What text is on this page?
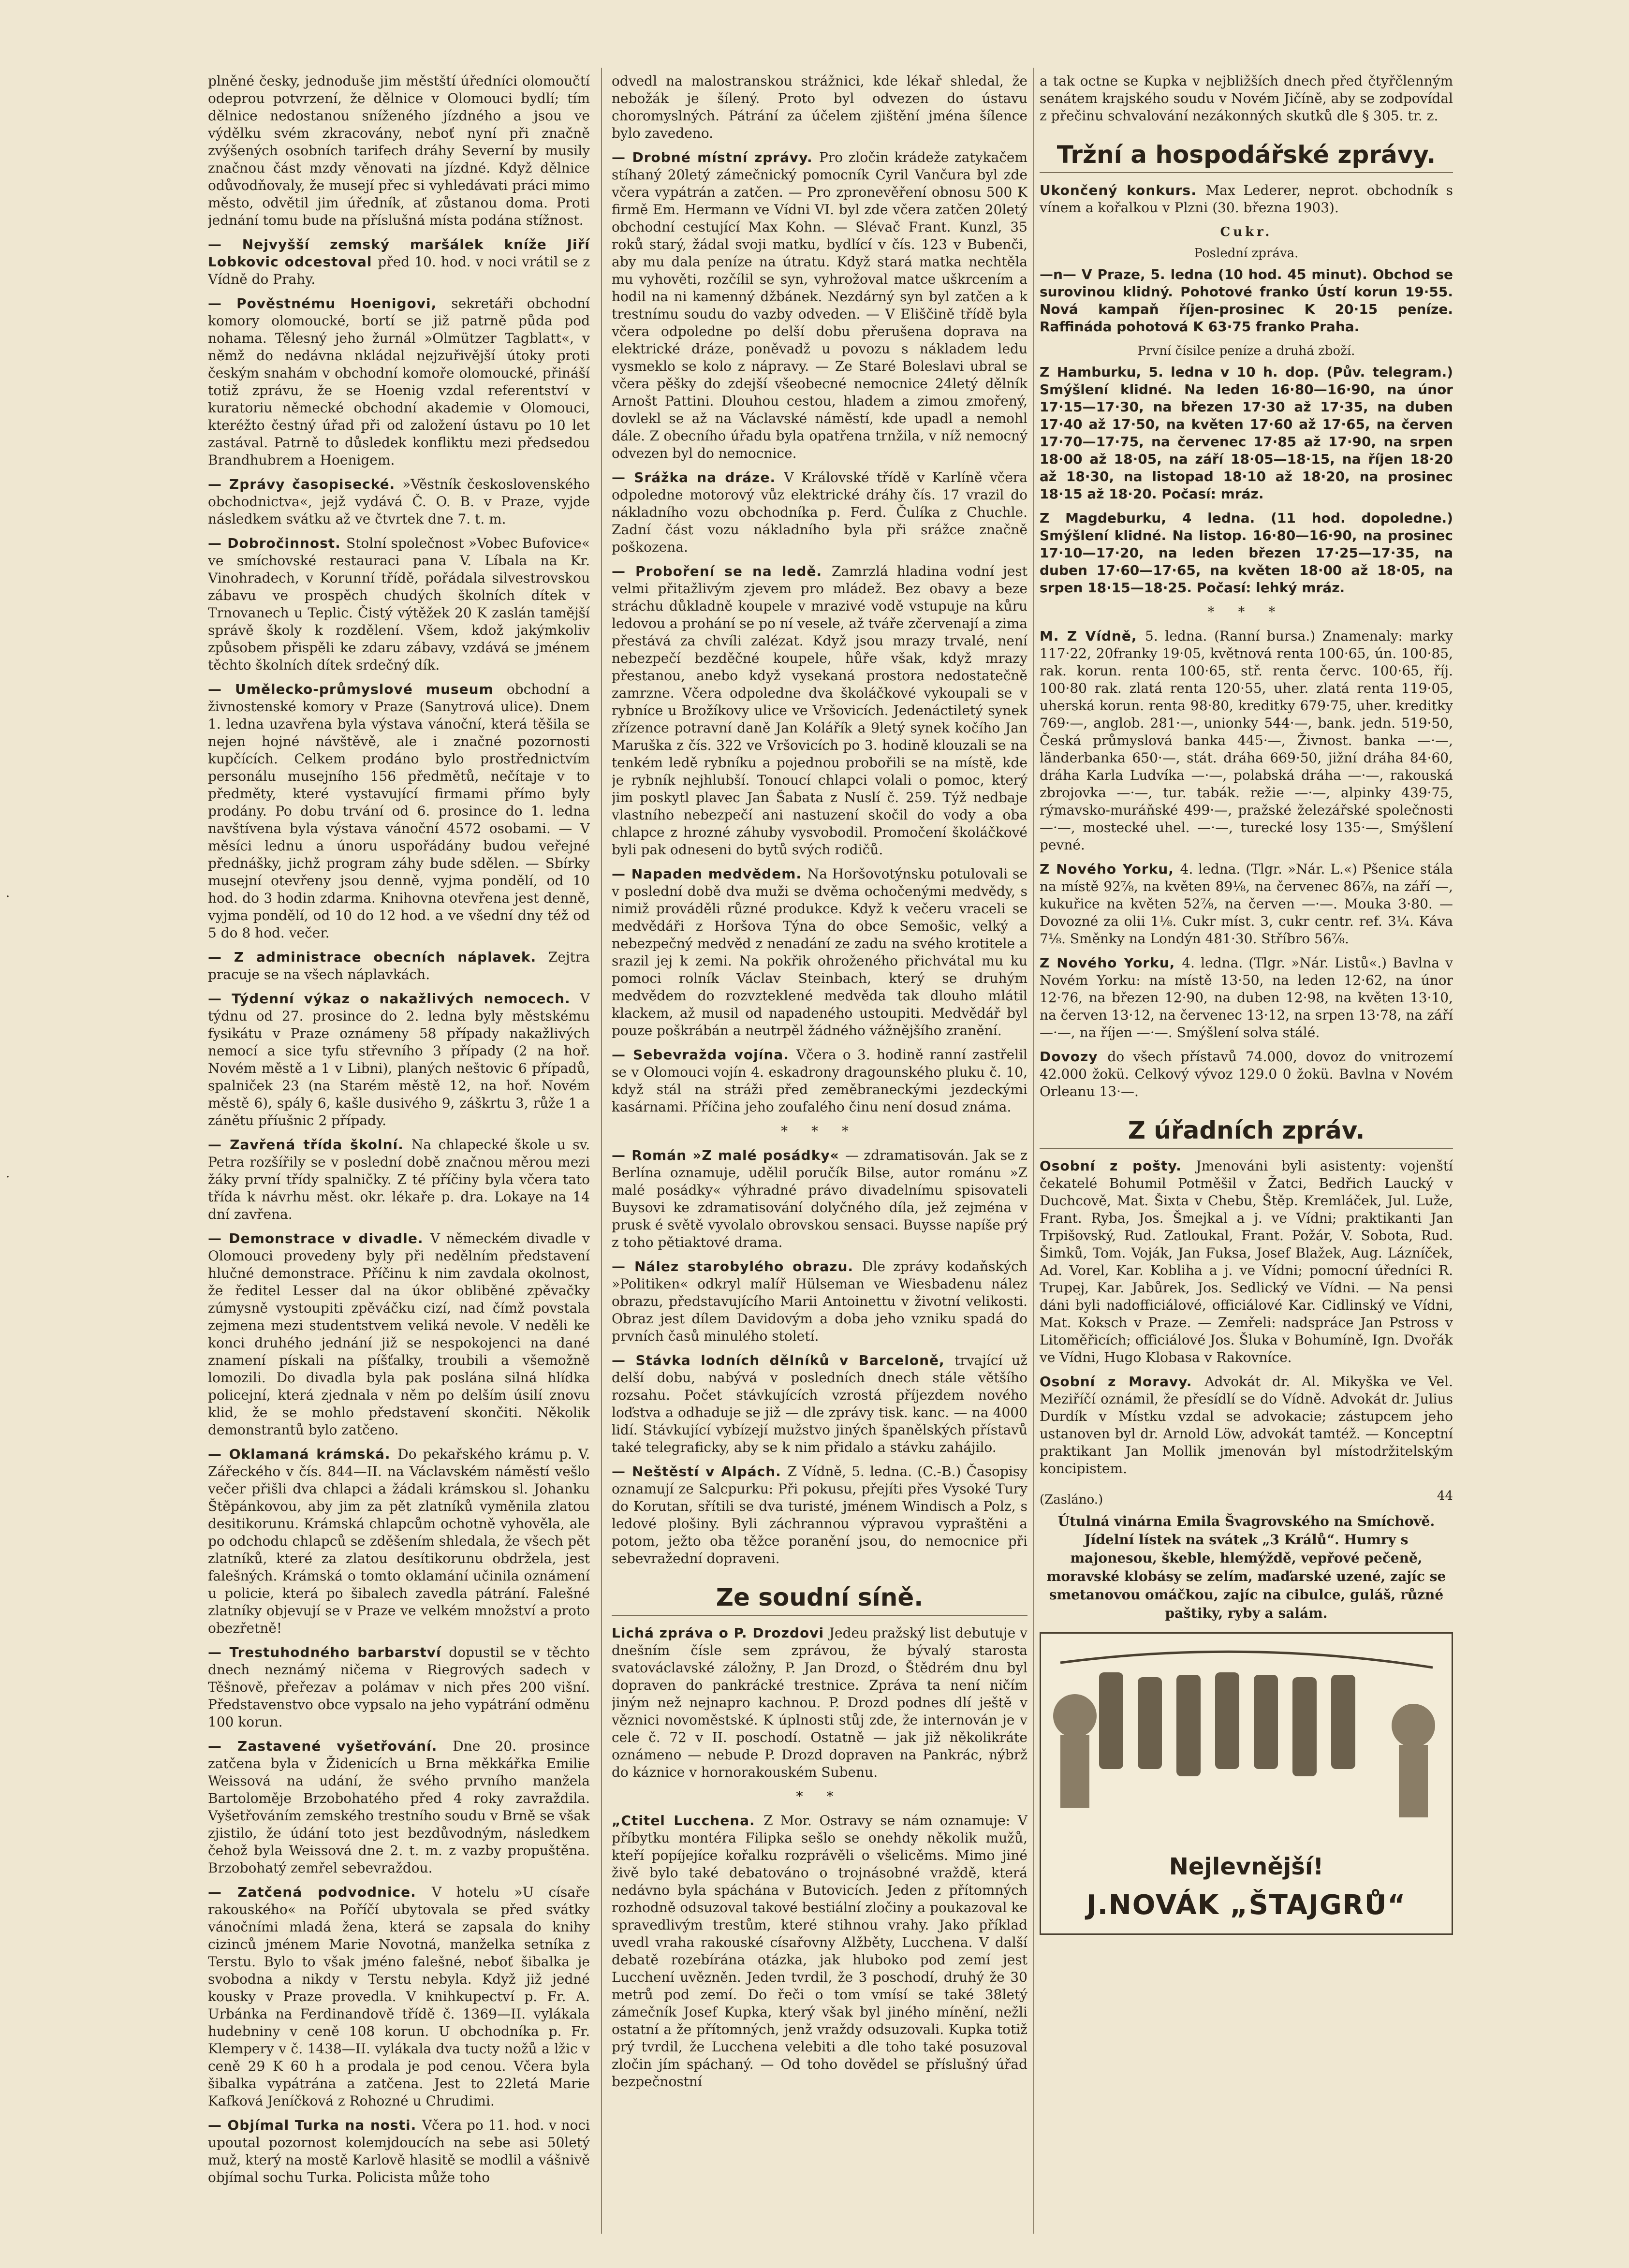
·
·
plněné česky, jednoduše jim městští úředníci olomoučtí odeprou potvrzení, že dělnice v Olomouci bydlí; tím dělnice nedostanou sníženého jízdného a jsou ve výdělku svém zkracovány, neboť nyní při značně zvýšených osobních tarifech dráhy Severní by musily značnou část mzdy věnovati na jízdné. Když dělnice odůvodňovaly, že musejí přec si vyhledávati práci mimo město, odvětil jim úředník, ať zůstanou doma. Proti jednání tomu bude na příslušná místa podána stížnost.
— Nejvyšší zemský maršálek kníže Jiří Lobkovic odcestoval před 10. hod. v noci vrátil se z Vídně do Prahy.
— Pověstnému Hoenigovi, sekretáři obchodní komory olomoucké, bortí se již patrně půda pod nohama. Tělesný jeho žurnál »Olmützer Tagblatt«, v němž do nedávna nkládal nejzuřivější útoky proti českým snahám v obchodní komoře olomoucké, přináší totiž zprávu, že se Hoenig vzdal referentství v kuratoriu německé obchodní akademie v Olomouci, kteréžto čestný úřad při od založení ústavu po 10 let zastával. Patrně to důsledek konfliktu mezi předsedou Brandhubrem a Hoenigem.
— Zprávy časopisecké. »Věstník československého obchodnictva«, jejž vydává Č. O. B. v Praze, vyjde následkem svátku až ve čtvrtek dne 7. t. m.
— Dobročinnost. Stolní společnost »Vobec Bufovice« ve smíchovské restauraci pana V. Líbala na Kr. Vinohradech, v Korunní třídě, pořádala silvestrovskou zábavu ve prospěch chudých školních dítek v Trnovanech u Teplic. Čistý výtěžek 20 K zaslán tamější správě školy k rozdělení. Všem, kdož jakýmkoliv způsobem přispěli ke zdaru zábavy, vzdává se jménem těchto školních dítek srdečný dík.
— Umělecko-průmyslové museum obchodní a živnostenské komory v Praze (Sanytrová ulice). Dnem 1. ledna uzavřena byla výstava vánoční, která těšila se nejen hojné návštěvě, ale i značné pozornosti kupčících. Celkem prodáno bylo prostřednictvím personálu musejního 156 předmětů, nečítaje v to předměty, které vystavující firmami přímo byly prodány. Po dobu trvání od 6. prosince do 1. ledna navštívena byla výstava vánoční 4572 osobami. — V měsíci lednu a únoru uspořádány budou veřejné přednášky, jichž program záhy bude sdělen. — Sbírky musejní otevřeny jsou denně, vyjma pondělí, od 10 hod. do 3 hodin zdarma. Knihovna otevřena jest denně, vyjma pondělí, od 10 do 12 hod. a ve všední dny též od 5 do 8 hod. večer.
— Z administrace obecních náplavek. Zejtra pracuje se na všech náplavkách.
— Týdenní výkaz o nakažlivých nemocech. V týdnu od 27. prosince do 2. ledna byly městskému fysikátu v Praze oznámeny 58 případy nakažlivých nemocí a sice tyfu střevního 3 případy (2 na hoř. Novém městě a 1 v Libni), planých neštovic 6 případů, spalniček 23 (na Starém městě 12, na hoř. Novém městě 6), spály 6, kašle dusivého 9, záškrtu 3, růže 1 a zánětu příušnic 2 případy.
— Zavřená třída školní. Na chlapecké škole u sv. Petra rozšířily se v poslední době značnou měrou mezi žáky první třídy spalničky. Z té příčiny byla včera tato třída k návrhu měst. okr. lékaře p. dra. Lokaye na 14 dní zavřena.
— Demonstrace v divadle. V německém divadle v Olomouci provedeny byly při nedělním představení hlučné demonstrace. Příčinu k nim zavdala okolnost, že ředitel Lesser dal na úkor obliběné zpěvačky zúmysně vystoupiti zpěváčku cizí, nad čímž povstala zejmena mezi studentstvem veliká nevole. V neděli ke konci druhého jednání již se nespokojenci na dané znamení pískali na píšťalky, troubili a všemožně lomozili. Do divadla byla pak poslána silná hlídka policejní, která zjednala v něm po delším úsilí znovu klid, že se mohlo představení skončiti. Několik demonstrantů bylo zatčeno.
— Oklamaná krámská. Do pekařského krámu p. V. Zářeckého v čís. 844—II. na Václavském náměstí vešlo večer přišli dva chlapci a žádali krámskou sl. Johanku Štěpánkovou, aby jim za pět zlatníků vyměnila zlatou desitikorunu. Krámská chlapcům ochotně vyhověla, ale po odchodu chlapců se zděšením shledala, že všech pět zlatníků, které za zlatou desítikorunu obdržela, jest falešných. Krámská o tomto oklamání učinila oznámení u policie, která po šibalech zavedla pátrání. Falešné zlatníky objevují se v Praze ve velkém množství a proto obezřetně!
— Trestuhodného barbarství dopustil se v těchto dnech neznámý ničema v Riegrových sadech v Těšnově, přeřezav a polámav v nich přes 200 višní. Představenstvo obce vypsalo na jeho vypátrání odměnu 100 korun.
— Zastavené vyšetřování. Dne 20. prosince zatčena byla v Židenicích u Brna měkkářka Emilie Weissová na udání, že svého prvního manžela Bartoloměje Brzobohatého před 4 roky zavraždila. Vyšetřováním zemského trestního soudu v Brně se však zjistilo, že údání toto jest bezdůvodným, následkem čehož byla Weissová dne 2. t. m. z vazby propuštěna. Brzobohatý zemřel sebevraždou.
— Zatčená podvodnice. V hotelu »U císaře rakouského« na Poříčí ubytovala se před svátky vánočními mladá žena, která se zapsala do knihy cizinců jménem Marie Novotná, manželka setníka z Terstu. Bylo to však jméno falešné, neboť šibalka je svobodna a nikdy v Terstu nebyla. Když již jedné kousky v Praze provedla. V knihkupectví p. Fr. A. Urbánka na Ferdinandově třídě č. 1369—II. vylákala hudebniny v ceně 108 korun. U obchodníka p. Fr. Klempery v č. 1438—II. vylákala dva tucty nožů a lžic v ceně 29 K 60 h a prodala je pod cenou. Včera byla šibalka vypátrána a zatčena. Jest to 22letá Marie Kafková Jeníčková z Rohozné u Chrudimi.
— Objímal Turka na nosti. Včera po 11. hod. v noci upoutal pozornost kolemjdoucích na sebe asi 50letý muž, který na mostě Karlově hlasitě se modlil a vášnivě objímal sochu Turka. Policista může toho
odvedl na malostranskou strážnici, kde lékař shledal, že nebožák je šílený. Proto byl odvezen do ústavu choromyslných. Pátrání za účelem zjištění jména šílence bylo zavedeno.
— Drobné místní zprávy. Pro zločin krádeže zatykačem stíhaný 20letý zámečnický pomocník Cyril Vančura byl zde včera vypátrán a zatčen. — Pro zpronevěření obnosu 500 K firmě Em. Hermann ve Vídni VI. byl zde včera zatčen 20letý obchodní cestující Max Kohn. — Slévač Frant. Kunzl, 35 roků starý, žádal svoji matku, bydlící v čís. 123 v Bubenči, aby mu dala peníze na útratu. Když stará matka nechtěla mu vyhověti, rozčílil se syn, vyhrožoval matce uškrcením a hodil na ni kamenný džbánek. Nezdárný syn byl zatčen a k trestnímu soudu do vazby odveden. — V Eliščině třídě byla včera odpoledne po delší dobu přerušena doprava na elektrické dráze, poněvadž u povozu s nákladem ledu vysmeklo se kolo z nápravy. — Ze Staré Boleslavi ubral se včera pěšky do zdejší všeobecné nemocnice 24letý dělník Arnošt Pattini. Dlouhou cestou, hladem a zimou zmořený, dovlekl se až na Václavské náměstí, kde upadl a nemohl dále. Z obecního úřadu byla opatřena trnžila, v níž nemocný odvezen byl do nemocnice.
— Srážka na dráze. V Královské třídě v Karlíně včera odpoledne motorový vůz elektrické dráhy čís. 17 vrazil do nákladního vozu obchodníka p. Ferd. Čulíka z Chuchle. Zadní část vozu nákladního byla při srážce značně poškozena.
— Proboření se na ledě. Zamrzlá hladina vodní jest velmi přitažlivým zjevem pro mládež. Bez obavy a beze stráchu důkladně koupele v mrazivé vodě vstupuje na kůru ledovou a prohání se po ní vesele, až tváře zčervenají a zima přestává za chvíli zalézat. Když jsou mrazy trvalé, není nebezpečí bezděčné koupele, hůře však, když mrazy přestanou, anebo když vysekaná prostora nedostatečně zamrzne. Včera odpoledne dva školáčkové vykoupali se v rybníce u Brožíkovy ulice ve Vršovicích. Jedenáctiletý synek zřízence potravní daně Jan Kolářík a 9letý synek kočího Jan Maruška z čís. 322 ve Vršovicích po 3. hodině klouzali se na tenkém ledě rybníku a pojednou probořili se na místě, kde je rybník nejhlubší. Tonoucí chlapci volali o pomoc, který jim poskytl plavec Jan Šabata z Nuslí č. 259. Týž nedbaje vlastního nebezpečí ani nastuzení skočil do vody a oba chlapce z hrozné záhuby vysvobodil. Promočení školáčkové byli pak odneseni do bytů svých rodičů.
— Napaden medvědem. Na Horšovotýnsku potulovali se v poslední době dva muži se dvěma ochočenými medvědy, s nimiž prováděli různé produkce. Když k večeru vraceli se medvědáři z Horšova Týna do obce Semošic, velký a nebezpečný medvěd z nenadání ze zadu na svého krotitele a srazil jej k zemi. Na pokřik ohroženého přichvátal mu ku pomoci rolník Václav Steinbach, který se druhým medvědem do rozvzteklené medvěda tak dlouho mlátil klackem, až musil od napadeného ustoupiti. Medvědář byl pouze poškrábán a neutrpěl žádného vážnějšího zranění.
— Sebevražda vojína. Včera o 3. hodině ranní zastřelil se v Olomouci vojín 4. eskadrony dragounského pluku č. 10, když stál na stráži před zeměbraneckými jezdeckými kasárnami. Příčina jeho zoufalého činu není dosud známa.
* * *
— Román »Z malé posádky« — zdramatisován. Jak se z Berlína oznamuje, udělil poručík Bilse, autor románu »Z malé posádky« výhradné právo divadelnímu spisovateli Buysovi ke zdramatisování dolyčného díla, jež zejména v prusk é světě vyvolalo obrovskou sensaci. Buysse napíše prý z toho pětiaktové drama.
— Nález starobylého obrazu. Dle zprávy kodaňských »Politiken« odkryl malíř Hülseman ve Wiesbadenu nález obrazu, představujícího Marii Antoinettu v životní velikosti. Obraz jest dílem Davidovým a doba jeho vzniku spadá do prvních časů minulého století.
— Stávka lodních dělníků v Barceloně, trvající už delší dobu, nabývá v posledních dnech stále většího rozsahu. Počet stávkujících vzrostá příjezdem nového loďstva a odhaduje se již — dle zprávy tisk. kanc. — na 4000 lidí. Stávkující vybízejí mužstvo jiných španělských přístavů také telegraficky, aby se k nim přidalo a stávku zahájilo.
— Neštěstí v Alpách. Z Vídně, 5. ledna. (C.-B.) Časopisy oznamují ze Salcpurku: Při pokusu, přejíti přes Vysoké Tury do Korutan, sřítili se dva turisté, jménem Windisch a Polz, s ledové plošiny. Byli záchrannou výpravou vypraštěni a potom, ježto oba těžce poranění jsou, do nemocnice při sebevražední dopraveni.
Ze soudní síně.
Lichá zpráva o P. Drozdovi Jedeu pražský list debutuje v dnešním čísle sem zprávou, že bývalý starosta svatováclavské záložny, P. Jan Drozd, o Štědrém dnu byl dopraven do pankrácké trestnice. Zpráva ta není ničím jiným než nejnapro kachnou. P. Drozd podnes dlí ještě v věznici novoměstské. K úplnosti stůj zde, že internován je v cele č. 72 v II. poschodí. Ostatně — jak již několikráte oznámeno — nebude P. Drozd dopraven na Pankrác, nýbrž do káznice v hornorakouském Subenu.
* *
„Ctitel Lucchena. Z Mor. Ostravy se nám oznamuje: V příbytku montéra Filipka sešlo se onehdy několik mužů, kteří popíjejíce kořalku rozprávěli o všelicěms. Mimo jiné živě bylo také debatováno o trojnásobné vraždě, která nedávno byla spáchána v Butovicích. Jeden z přítomných rozhodně odsuzoval takové bestiální zločiny a poukazoval ke spravedlivým trestům, které stihnou vrahy. Jako příklad uvedl vraha rakouské císařovny Alžběty, Lucchena. V další debatě rozebírána otázka, jak hluboko pod zemí jest Lucchení uvězněn. Jeden tvrdil, že 3 poschodí, druhý že 30 metrů pod zemí. Do řeči o tom vmísí se také 38letý zámečník Josef Kupka, který však byl jiného mínění, nežli ostatní a že přítomných, jenž vraždy odsuzovali. Kupka totiž prý tvrdil, že Lucchena velebiti a dle toho také posuzoval zločin jím spáchaný. — Od toho dovědel se příslušný úřad bezpečnostní
a tak octne se Kupka v nejbližších dnech před čtyřčlenným senátem krajského soudu v Novém Jičíně, aby se zodpovídal z přečinu schvalování nezákonných skutků dle § 305. tr. z.
Tržní a hospodářské zprávy.
Ukončený konkurs. Max Lederer, neprot. obchodník s vínem a kořalkou v Plzni (30. března 1903).
Cukr.
Poslední zpráva.
—n— V Praze, 5. ledna (10 hod. 45 minut). Obchod se surovinou klidný. Pohotové franko Ústí korun 19·55. Nová kampaň říjen-prosinec K 20·15 peníze. Raffináda pohotová K 63·75 franko Praha.
První čísilce peníze a druhá zboží.
Z Hamburku, 5. ledna v 10 h. dop. (Pův. telegram.) Smýšlení klidné. Na leden 16·80—16·90, na únor 17·15—17·30, na březen 17·30 až 17·35, na duben 17·40 až 17·50, na květen 17·60 až 17·65, na červen 17·70—17·75, na červenec 17·85 až 17·90, na srpen 18·00 až 18·05, na září 18·05—18·15, na říjen 18·20 až 18·30, na listopad 18·10 až 18·20, na prosinec 18·15 až 18·20. Počasí: mráz.
Z Magdeburku, 4 ledna. (11 hod. dopoledne.) Smýšlení klidné. Na listop. 16·80—16·90, na prosinec 17·10—17·20, na leden březen 17·25—17·35, na duben 17·60—17·65, na květen 18·00 až 18·05, na srpen 18·15—18·25. Počasí: lehký mráz.
* * *
M. Z Vídně, 5. ledna. (Ranní bursa.) Znamenaly: marky 117·22, 20franky 19·05, květnová renta 100·65, ún. 100·85, rak. korun. renta 100·65, stř. renta červc. 100·65, říj. 100·80 rak. zlatá renta 120·55, uher. zlatá renta 119·05, uherská korun. renta 98·80, kreditky 679·75, uher. kreditky 769·—, anglob. 281·—, unionky 544·—, bank. jedn. 519·50, Česká průmyslová banka 445·—, Živnost. banka —·—, länderbanka 650·—, stát. dráha 669·50, jižní dráha 84·60, dráha Karla Ludvíka —·—, polabská dráha —·—, rakouská zbrojovka —·—, tur. tabák. režie —·—, alpinky 439·75, rýmavsko-muráňské 499·—, pražské železářské společnosti —·—, mostecké uhel. —·—, turecké losy 135·—, Smýšlení pevné.
Z Nového Yorku, 4. ledna. (Tlgr. »Nár. L.«) Pšenice stála na místě 92⅞, na květen 89⅛, na červenec 86⅞, na září —, kukuřice na květen 52⅞, na červen —·—. Mouka 3·80. — Dovozné za olii 1⅛. Cukr míst. 3, cukr centr. ref. 3¼. Káva 7⅛. Směnky na Londýn 481·30. Stříbro 56⅞.
Z Nového Yorku, 4. ledna. (Tlgr. »Nár. Listů«.) Bavlna v Novém Yorku: na místě 13·50, na leden 12·62, na únor 12·76, na březen 12·90, na duben 12·98, na květen 13·10, na červen 13·12, na červenec 13·12, na srpen 13·78, na září —·—, na říjen —·—. Smýšlení solva stálé.
Dovozy do všech přístavů 74.000, dovoz do vnitrozemí 42.000 žokü. Celkový vývoz 129.0 0 žokü. Bavlna v Novém Orleanu 13·—.
Z úřadních zpráv.
Osobní z pošty. Jmenováni byli asistenty: vojenští čekatelé Bohumil Potměšil v Žatci, Bedřich Laucký v Duchcově, Mat. Šixta v Chebu, Štěp. Kremláček, Jul. Luže, Frant. Ryba, Jos. Šmejkal a j. ve Vídni; praktikanti Jan Trpišovský, Rud. Zatloukal, Frant. Požár, V. Sobota, Rud. Šimků, Tom. Voják, Jan Fuksa, Josef Blažek, Aug. Lázníček, Ad. Vorel, Kar. Kobliha a j. ve Vídni; pomocní úředníci R. Trupej, Kar. Jabůrek, Jos. Sedlický ve Vídni. — Na pensi dáni byli nadofficiálové, officiálové Kar. Cidlinský ve Vídni, Mat. Koksch v Praze. — Zemřeli: nadspráce Jan Pstross v Litoměřicích; officiálové Jos. Šluka v Bohumíně, Ign. Dvořák ve Vídni, Hugo Klobasa v Rakovníce.
Osobní z Moravy. Advokát dr. Al. Mikyška ve Vel. Meziříčí oznámil, že přesídlí se do Vídně. Advokát dr. Julius Durdík v Místku vzdal se advokacie; zástupcem jeho ustanoven byl dr. Arnold Löw, advokát tamtéž. — Konceptní praktikant Jan Mollik jmenován byl místodržitelským koncipistem.
(Zasláno.)	44
Útulná vinárna Emila Švagrovského na Smíchově. Jídelní lístek na svátek „3 Králů“. Humry s majonesou, škeble, hlemýždě, vepřové pečeně, moravské klobásy se zelím, maďarské uzené, zajíc se smetanovou omáčkou, zajíc na cibulce, guláš, různé paštiky, ryby a salám.
Nejlevnější!
J.NOVÁK „ŠTAJGRŮ“
